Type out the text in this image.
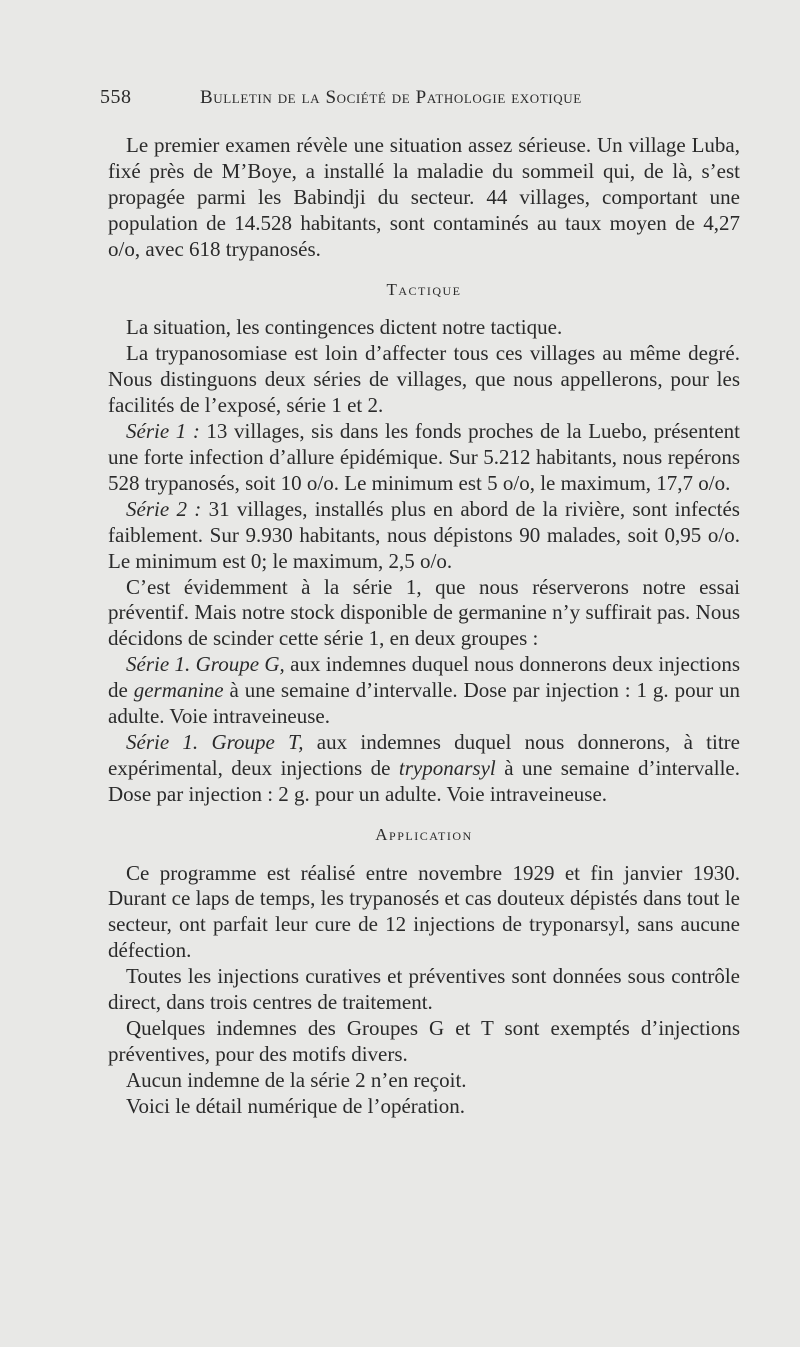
558	Bulletin de la Société de Pathologie exotique

Le premier examen révèle une situation assez sérieuse. Un village Luba, fixé près de M’Boye, a installé la maladie du sommeil qui, de là, s’est propagée parmi les Babindji du secteur. 44 villages, comportant une population de 14.528 habitants, sont contaminés au taux moyen de 4,27 o/o, avec 618 trypanosés.

Tactique

La situation, les contingences dictent notre tactique.

La trypanosomiase est loin d’affecter tous ces villages au même degré. Nous distinguons deux séries de villages, que nous appellerons, pour les facilités de l’exposé, série 1 et 2.

Série 1 : 13 villages, sis dans les fonds proches de la Luebo, présentent une forte infection d’allure épidémique. Sur 5.212 habitants, nous repérons 528 trypanosés, soit 10 o/o. Le minimum est 5 o/o, le maximum, 17,7 o/o.

Série 2 : 31 villages, installés plus en abord de la rivière, sont infectés faiblement. Sur 9.930 habitants, nous dépistons 90 malades, soit 0,95 o/o. Le minimum est 0; le maximum, 2,5 o/o.

C’est évidemment à la série 1, que nous réserverons notre essai préventif. Mais notre stock disponible de germanine n’y suffirait pas. Nous décidons de scinder cette série 1, en deux groupes :

Série 1. Groupe G, aux indemnes duquel nous donnerons deux injections de germanine à une semaine d’intervalle. Dose par injection : 1 g. pour un adulte. Voie intraveineuse.

Série 1. Groupe T, aux indemnes duquel nous donnerons, à titre expérimental, deux injections de tryponarsyl à une semaine d’intervalle. Dose par injection : 2 g. pour un adulte. Voie intraveineuse.

Application

Ce programme est réalisé entre novembre 1929 et fin janvier 1930. Durant ce laps de temps, les trypanosés et cas douteux dépistés dans tout le secteur, ont parfait leur cure de 12 injections de tryponarsyl, sans aucune défection.

Toutes les injections curatives et préventives sont données sous contrôle direct, dans trois centres de traitement.

Quelques indemnes des Groupes G et T sont exemptés d’injections préventives, pour des motifs divers.

Aucun indemne de la série 2 n’en reçoit.

Voici le détail numérique de l’opération.
